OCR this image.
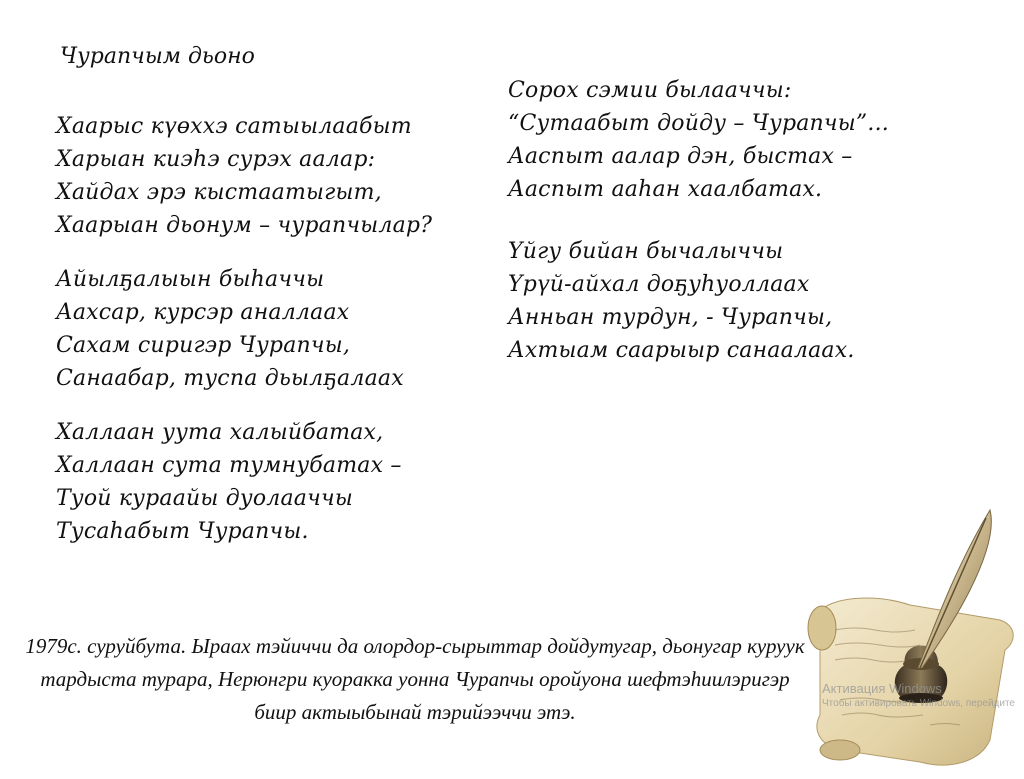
Чурапчым дьоно
Хаарыс күөххэ сатыылаабыт
Харыан киэһэ сурэх аалар:
Хайдах эрэ кыстаатыгыт,
Хаарыан дьонум – чурапчылар?
Айылҕалыын быһаччы
Аахсар, курсэр аналлаах
Сахам сиригэр Чурапчы,
Санаабар, туспа дьылҕалаах
Халлаан уута халыйбатах,
Халлаан сута тумнубатах –
Туой кураайы дуолааччы
Тусаһабыт Чурапчы.
Сорох сэмии былааччы:
“Сутаабыт дойду – Чурапчы”...
Ааспыт аалар дэн, быстах –
Ааспыт ааһан хаалбатах.
Үйгу бийан бычалыччы
Үрүй-айхал доҕуһуоллаах
Анньан турдун, - Чурапчы,
Ахтыам саарыыр санаалаах.
1979с. суруйбута. Ыраах тэйиччи да олордор-сырыттар дойдутугар, дьонугар куруук тардыста турара, Нерюнгри куоракка уонна Чурапчы оройуона шефтэһиилэригэр биир актыыбынай тэрийээччи этэ.
Активация Windows
Чтобы активировать Windows, перейдите
